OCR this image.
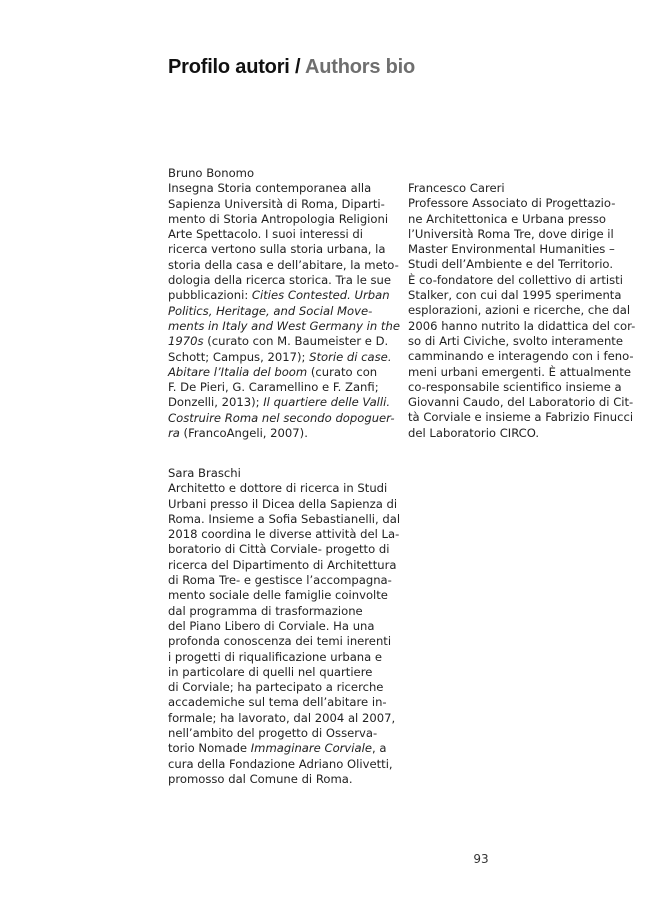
Profilo autori / Authors bio
Bruno Bonomo
Insegna Storia contemporanea alla
Sapienza Università di Roma, Diparti-
mento di Storia Antropologia Religioni
Arte Spettacolo. I suoi interessi di
ricerca vertono sulla storia urbana, la
storia della casa e dell’abitare, la meto-
dologia della ricerca storica. Tra le sue
pubblicazioni: Cities Contested. Urban
Politics, Heritage, and Social Move-
ments in Italy and West Germany in the
1970s (curato con M. Baumeister e D.
Schott; Campus, 2017); Storie di case.
Abitare l’Italia del boom (curato con
F. De Pieri, G. Caramellino e F. Zanfi;
Donzelli, 2013); Il quartiere delle Valli.
Costruire Roma nel secondo dopoguer-
ra (FrancoAngeli, 2007).
Sara Braschi
Architetto e dottore di ricerca in Studi
Urbani presso il Dicea della Sapienza di
Roma. Insieme a Sofia Sebastianelli, dal
2018 coordina le diverse attività del La-
boratorio di Città Corviale- progetto di
ricerca del Dipartimento di Architettura
di Roma Tre- e gestisce l’accompagna-
mento sociale delle famiglie coinvolte
dal programma di trasformazione
del Piano Libero di Corviale. Ha una
profonda conoscenza dei temi inerenti
i progetti di riqualificazione urbana e
in particolare di quelli nel quartiere
di Corviale; ha partecipato a ricerche
accademiche sul tema dell’abitare in-
formale; ha lavorato, dal 2004 al 2007,
nell’ambito del progetto di Osserva-
torio Nomade Immaginare Corviale, a
cura della Fondazione Adriano Olivetti,
promosso dal Comune di Roma.
Francesco Careri
Professore Associato di Progettazio-
ne Architettonica e Urbana presso
l’Università Roma Tre, dove dirige il
Master Environmental Humanities –
Studi dell’Ambiente e del Territorio.
È co-fondatore del collettivo di artisti
Stalker, con cui dal 1995 sperimenta
esplorazioni, azioni e ricerche, che dal
2006 hanno nutrito la didattica del cor-
so di Arti Civiche, svolto interamente
camminando e interagendo con i feno-
meni urbani emergenti. È attualmente
co-responsabile scientifico insieme a
Giovanni Caudo, del Laboratorio di Cit-
tà Corviale e insieme a Fabrizio Finucci
del Laboratorio CIRCO.
93
